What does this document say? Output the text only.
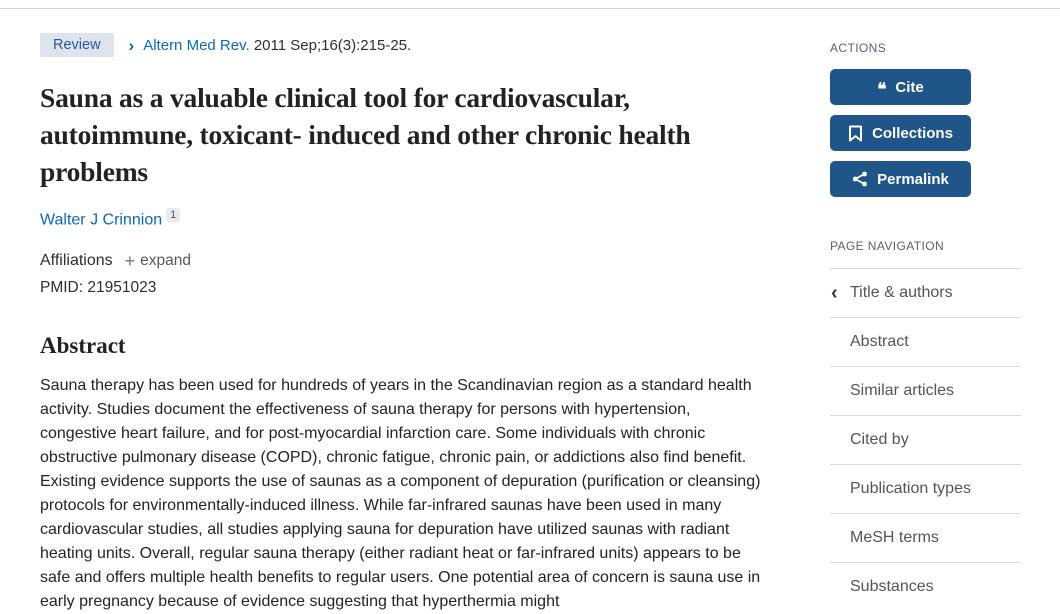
Review	› Altern Med Rev. 2011 Sep;16(3):215-25.
Sauna as a valuable clinical tool for cardiovascular, autoimmune, toxicant- induced and other chronic health problems
Walter J Crinnion 1
Affiliations + expand
PMID: 21951023
Abstract

Sauna therapy has been used for hundreds of years in the Scandinavian region as a standard health activity. Studies document the effectiveness of sauna therapy for persons with hypertension, congestive heart failure, and for post-myocardial infarction care. Some individuals with chronic obstructive pulmonary disease (COPD), chronic fatigue, chronic pain, or addictions also find benefit. Existing evidence supports the use of saunas as a component of depuration (purification or cleansing) protocols for environmentally-induced illness. While far-infrared saunas have been used in many cardiovascular studies, all studies applying sauna for depuration have utilized saunas with radiant heating units. Overall, regular sauna therapy (either radiant heat or far-infrared units) appears to be safe and offers multiple health benefits to regular users. One potential area of concern is sauna use in early pregnancy because of evidence suggesting that hyperthermia might

ACTIONS
❝ Cite
Collections
Permalink
PAGE NAVIGATION
‹ Title & authors
Abstract
Similar articles
Cited by
Publication types
MeSH terms
Substances
